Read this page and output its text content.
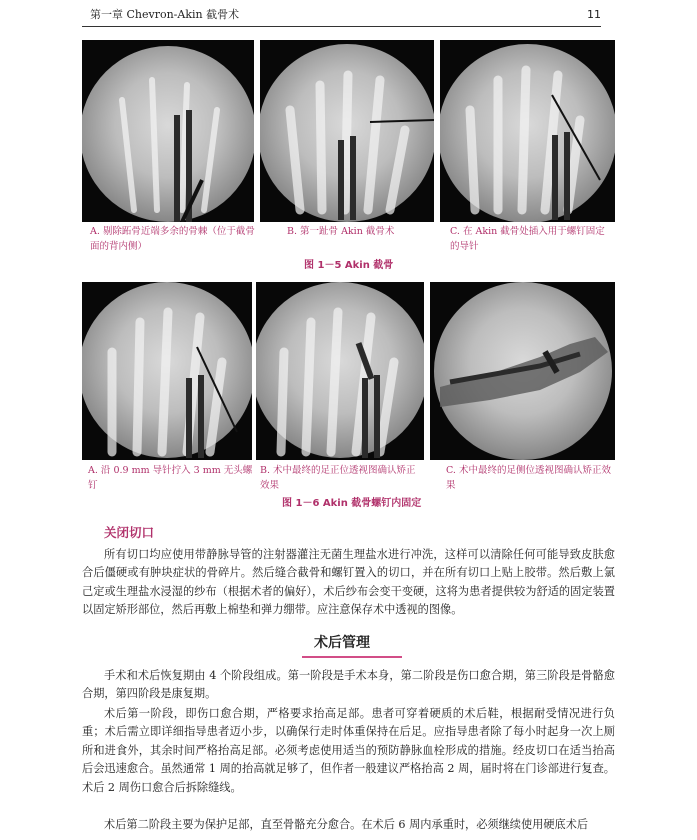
第一章 Chevron-Akin 截骨术	11
A. 剔除跖骨近端多余的骨棘（位于截骨面的背内侧）
B. 第一趾骨 Akin 截骨术	C. 在 Akin 截骨处插入用于螺钉固定的导针
图 1－5 Akin 截骨
A. 沿 0.9 mm 导针拧入 3 mm 无头螺钉
B. 术中最终的足正位透视图确认矫正效果
C. 术中最终的足侧位透视图确认矫正效果
图 1－6 Akin 截骨螺钉内固定
关闭切口

所有切口均应使用带静脉导管的注射器灌注无菌生理盐水进行冲洗，这样可以清除任何可能导致皮肤愈合后僵硬或有肿块症状的骨碎片。然后缝合截骨和螺钉置入的切口，并在所有切口上贴上胶带。然后敷上氯己定或生理盐水浸湿的纱布（根据术者的偏好），术后纱布会变干变硬，这将为患者提供较为舒适的固定装置以固定矫形部位，然后再敷上棉垫和弹力绷带。应注意保存术中透视的图像。

术后管理

手术和术后恢复期由 4 个阶段组成。第一阶段是手术本身，第二阶段是伤口愈合期，第三阶段是骨骼愈合期，第四阶段是康复期。

术后第一阶段，即伤口愈合期，严格要求抬高足部。患者可穿着硬质的术后鞋，根据耐受情况进行负重；术后需立即详细指导患者迈小步，以确保行走时体重保持在后足。应指导患者除了每小时起身一次上厕所和进食外，其余时间严格抬高足部。必须考虑使用适当的预防静脉血栓形成的措施。经皮切口在适当抬高后会迅速愈合。虽然通常 1 周的抬高就足够了，但作者一般建议严格抬高 2 周，届时将在门诊部进行复查。术后 2 周伤口愈合后拆除缝线。

术后第二阶段主要为保护足部，直至骨骼充分愈合。在术后 6 周内承重时，必须继续使用硬底术后
